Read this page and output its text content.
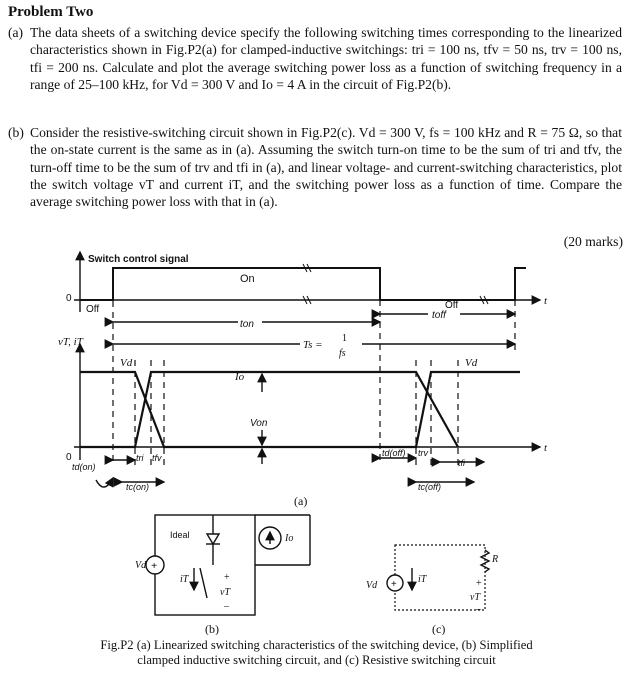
Problem Two
(a) The data sheets of a switching device specify the following switching times corresponding to the linearized characteristics shown in Fig.P2(a) for clamped-inductive switchings: tri = 100 ns, tfv = 50 ns, trv = 100 ns, tfi = 200 ns. Calculate and plot the average switching power loss as a function of switching frequency in a range of 25–100 kHz, for Vd = 300 V and Io = 4 A in the circuit of Fig.P2(b).
(b) Consider the resistive-switching circuit shown in Fig.P2(c). Vd = 300 V, fs = 100 kHz and R = 75 Ω, so that the on-state current is the same as in (a). Assuming the switch turn-on time to be the sum of tri and tfv, the turn-off time to be the sum of trv and tfi in (a), and linear voltage- and current-switching characteristics, plot the switch voltage vT and current iT, and the switching power loss as a function of time. Compare the average switching power loss with that in (a).
(20 marks)
Switch control signal
On
Off	Off
0	t
ton
toff
vT, iT	Ts =
1
fs
Vd	Vd
Io
Von
0
t
td(on)
tri tfv
tc(on)
td(off) trv
tfi
tc(off)
(a)
+
Ideal
Vd
Io
iT	+
vT
–
(b)
+
Vd
iT
R
+
vT
–
(c)
Fig.P2 (a) Linearized switching characteristics of the switching device, (b) Simplified
clamped inductive switching circuit, and (c) Resistive switching circuit
